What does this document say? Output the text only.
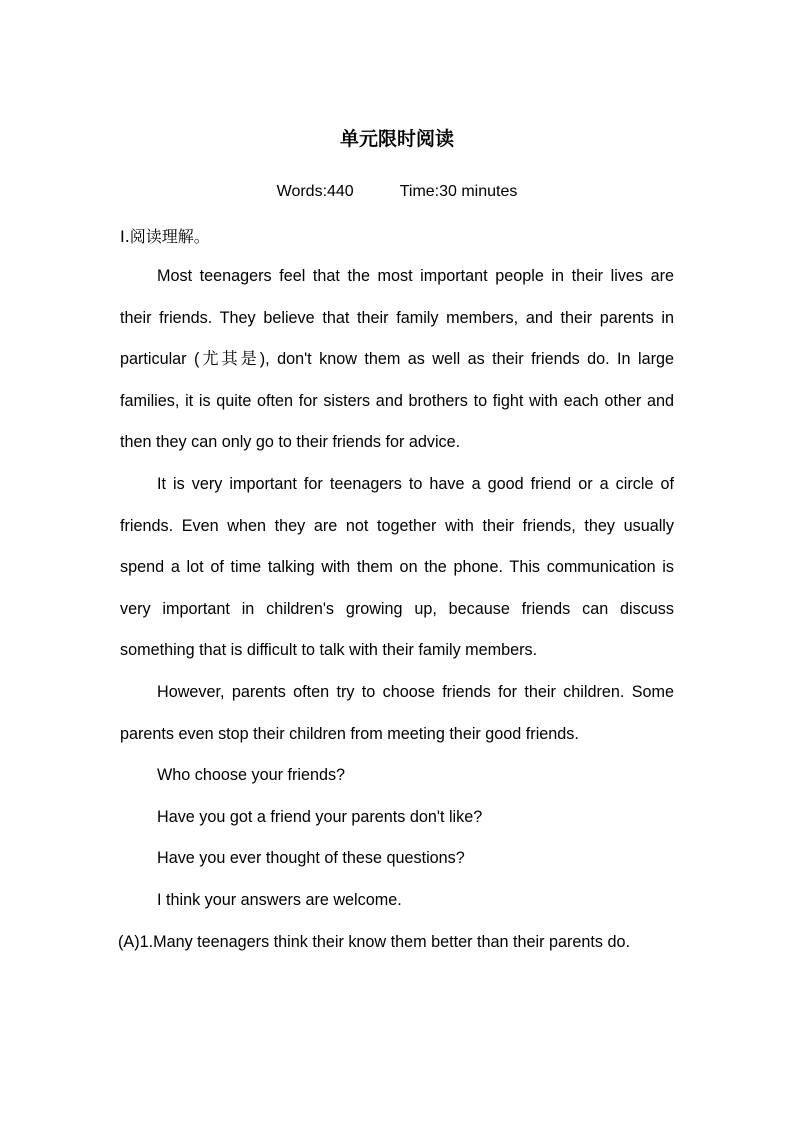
单元限时阅读
Words:440	Time:30 minutes
Ⅰ.阅读理解。

Most teenagers feel that the most important people in their lives are their friends. They believe that their family members, and their parents in particular (尤其是), don't know them as well as their friends do. In large families, it is quite often for sisters and brothers to fight with each other and then they can only go to their friends for advice.

It is very important for teenagers to have a good friend or a circle of friends. Even when they are not together with their friends, they usually spend a lot of time talking with them on the phone. This communication is very important in children's growing up, because friends can discuss something that is difficult to talk with their family members.

However, parents often try to choose friends for their children. Some parents even stop their children from meeting their good friends.

Who choose your friends?

Have you got a friend your parents don't like?

Have you ever thought of these questions?

I think your answers are welcome.

(A)1.Many teenagers think their know them better than their parents do.
